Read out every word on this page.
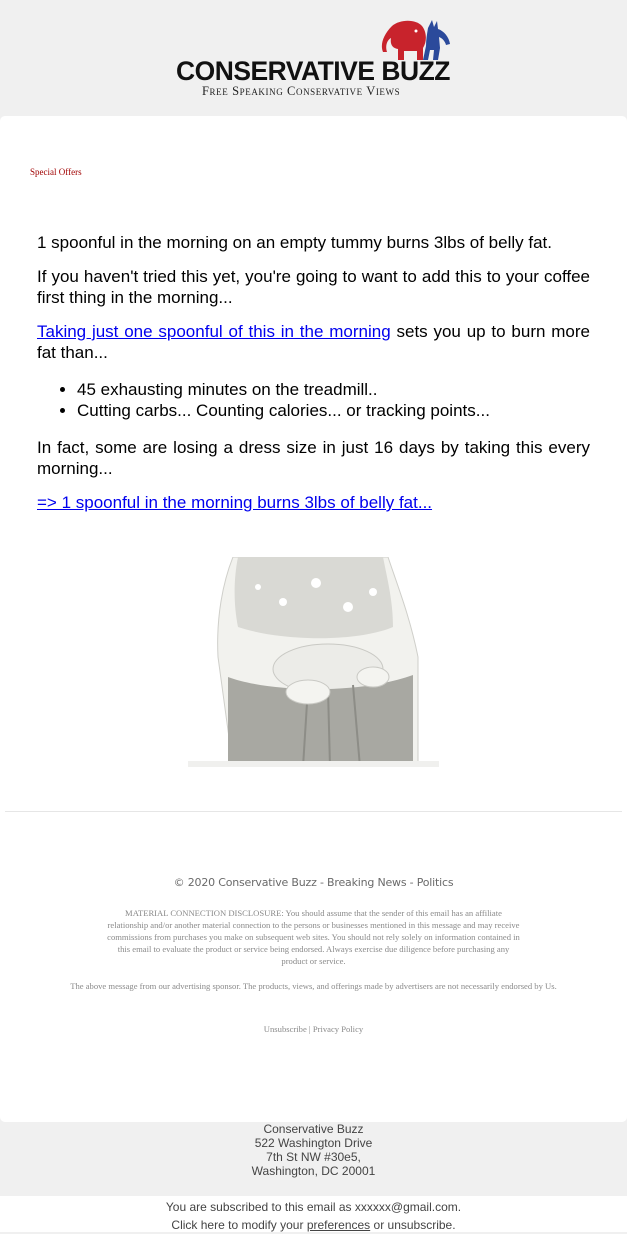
CONSERVATIVE BUZZ
Free Speaking Conservative Views
Special Offers

1 spoonful in the morning on an empty tummy burns 3lbs of belly fat.

If you haven't tried this yet, you're going to want to add this to your coffee first thing in the morning...

Taking just one spoonful of this in the morning sets you up to burn more fat than...

• 45 exhausting minutes on the treadmill..
• Cutting carbs... Counting calories... or tracking points...

In fact, some are losing a dress size in just 16 days by taking this every morning...

=> 1 spoonful in the morning burns 3lbs of belly fat...

© 2020 Conservative Buzz - Breaking News - Politics
MATERIAL CONNECTION DISCLOSURE: You should assume that the sender of this email has an affiliate relationship and/or another material connection to the persons or businesses mentioned in this message and may receive commissions from purchases you make on subsequent web sites. You should not rely solely on information contained in this email to evaluate the product or service being endorsed. Always exercise due diligence before purchasing any product or service.
The above message from our advertising sponsor. The products, views, and offerings made by advertisers are not necessarily endorsed by Us.
Unsubscribe | Privacy Policy
Conservative Buzz
522 Washington Drive
7th St NW #30e5,
Washington, DC 20001
You are subscribed to this email as xxxxxx@gmail.com.
Click here to modify your preferences or unsubscribe.
